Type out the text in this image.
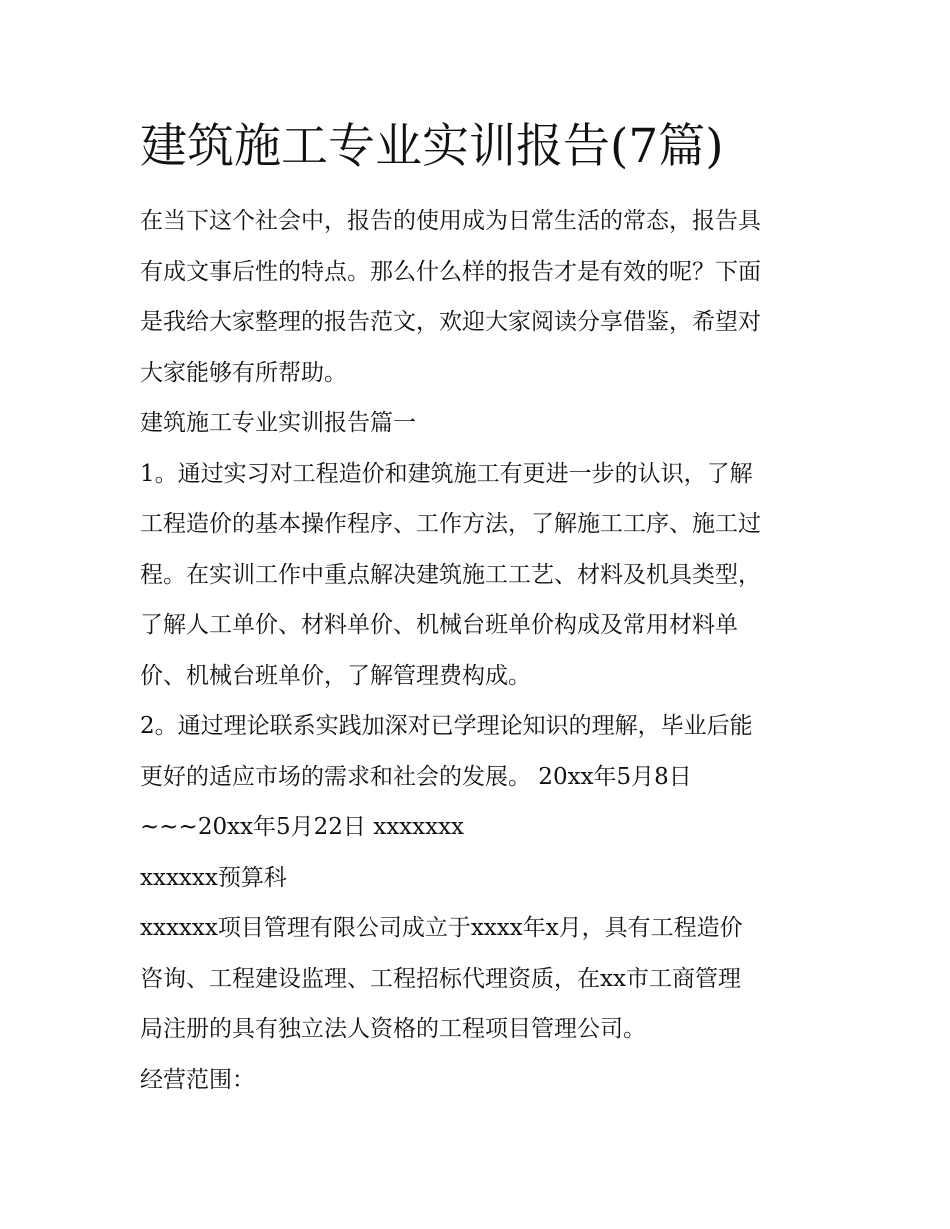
建筑施工专业实训报告(7篇)

在当下这个社会中，报告的使用成为日常生活的常态，报告具
有成文事后性的特点。那么什么样的报告才是有效的呢？下面
是我给大家整理的报告范文，欢迎大家阅读分享借鉴，希望对
大家能够有所帮助。

建筑施工专业实训报告篇一

1。通过实习对工程造价和建筑施工有更进一步的认识，了解
工程造价的基本操作程序、工作方法，了解施工工序、施工过
程。在实训工作中重点解决建筑施工工艺、材料及机具类型，
了解人工单价、材料单价、机械台班单价构成及常用材料单
价、机械台班单价，了解管理费构成。

2。通过理论联系实践加深对已学理论知识的理解，毕业后能
更好的适应市场的需求和社会的发展。 20xx年5月8日

~~~20xx年5月22日 xxxxxxx

xxxxxx预算科

xxxxxx项目管理有限公司成立于xxxx年x月，具有工程造价
咨询、工程建设监理、工程招标代理资质，在xx市工商管理
局注册的具有独立法人资格的工程项目管理公司。

经营范围：
